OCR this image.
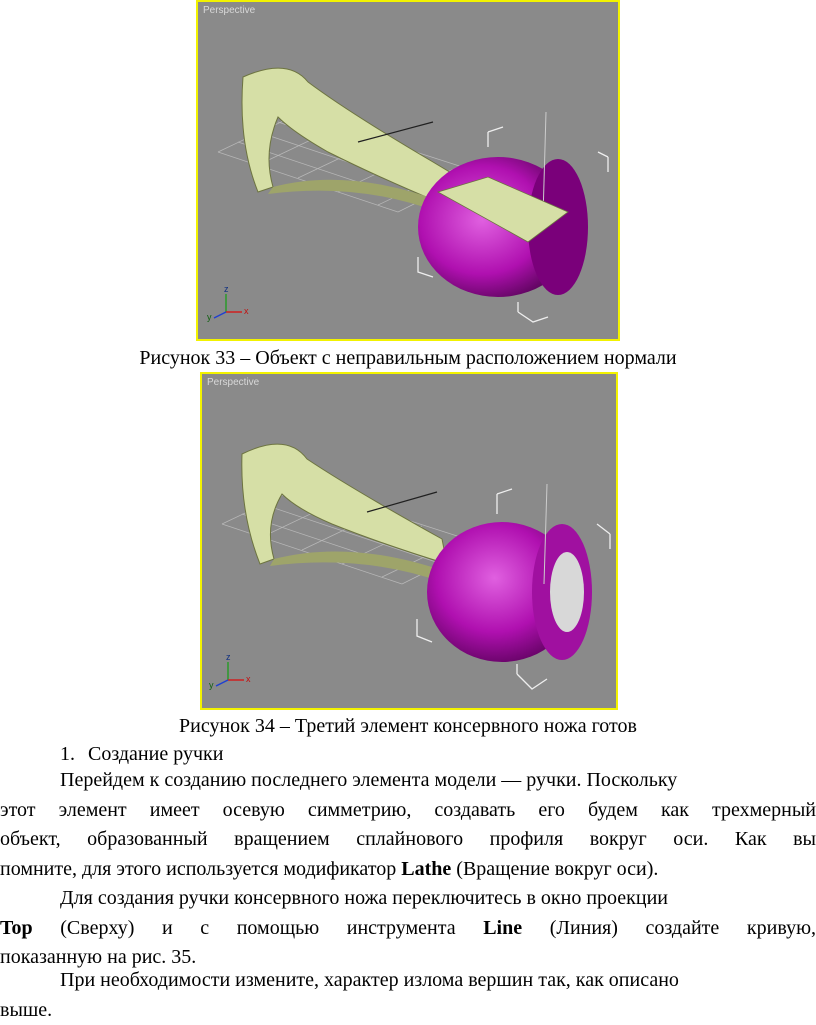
Perspective
z
x
y
Рисунок 33 – Объект с неправильным расположением нормали
Perspective
z
x
y
Рисунок 34 – Третий элемент консервного ножа готов
1. Создание ручки
Перейдем к созданию последнего элемента модели — ручки. Поскольку
этот элемент имеет осевую симметрию, создавать его будем как трехмерный
объект, образованный вращением сплайнового профиля вокруг оси. Как вы
помните, для этого используется модификатор Lathe (Вращение вокруг оси).
Для создания ручки консервного ножа переключитесь в окно проекции
Top (Сверху) и с помощью инструмента Line (Линия) создайте кривую,
показанную на рис. 35.
При необходимости измените, характер излома вершин так, как описано
выше.
